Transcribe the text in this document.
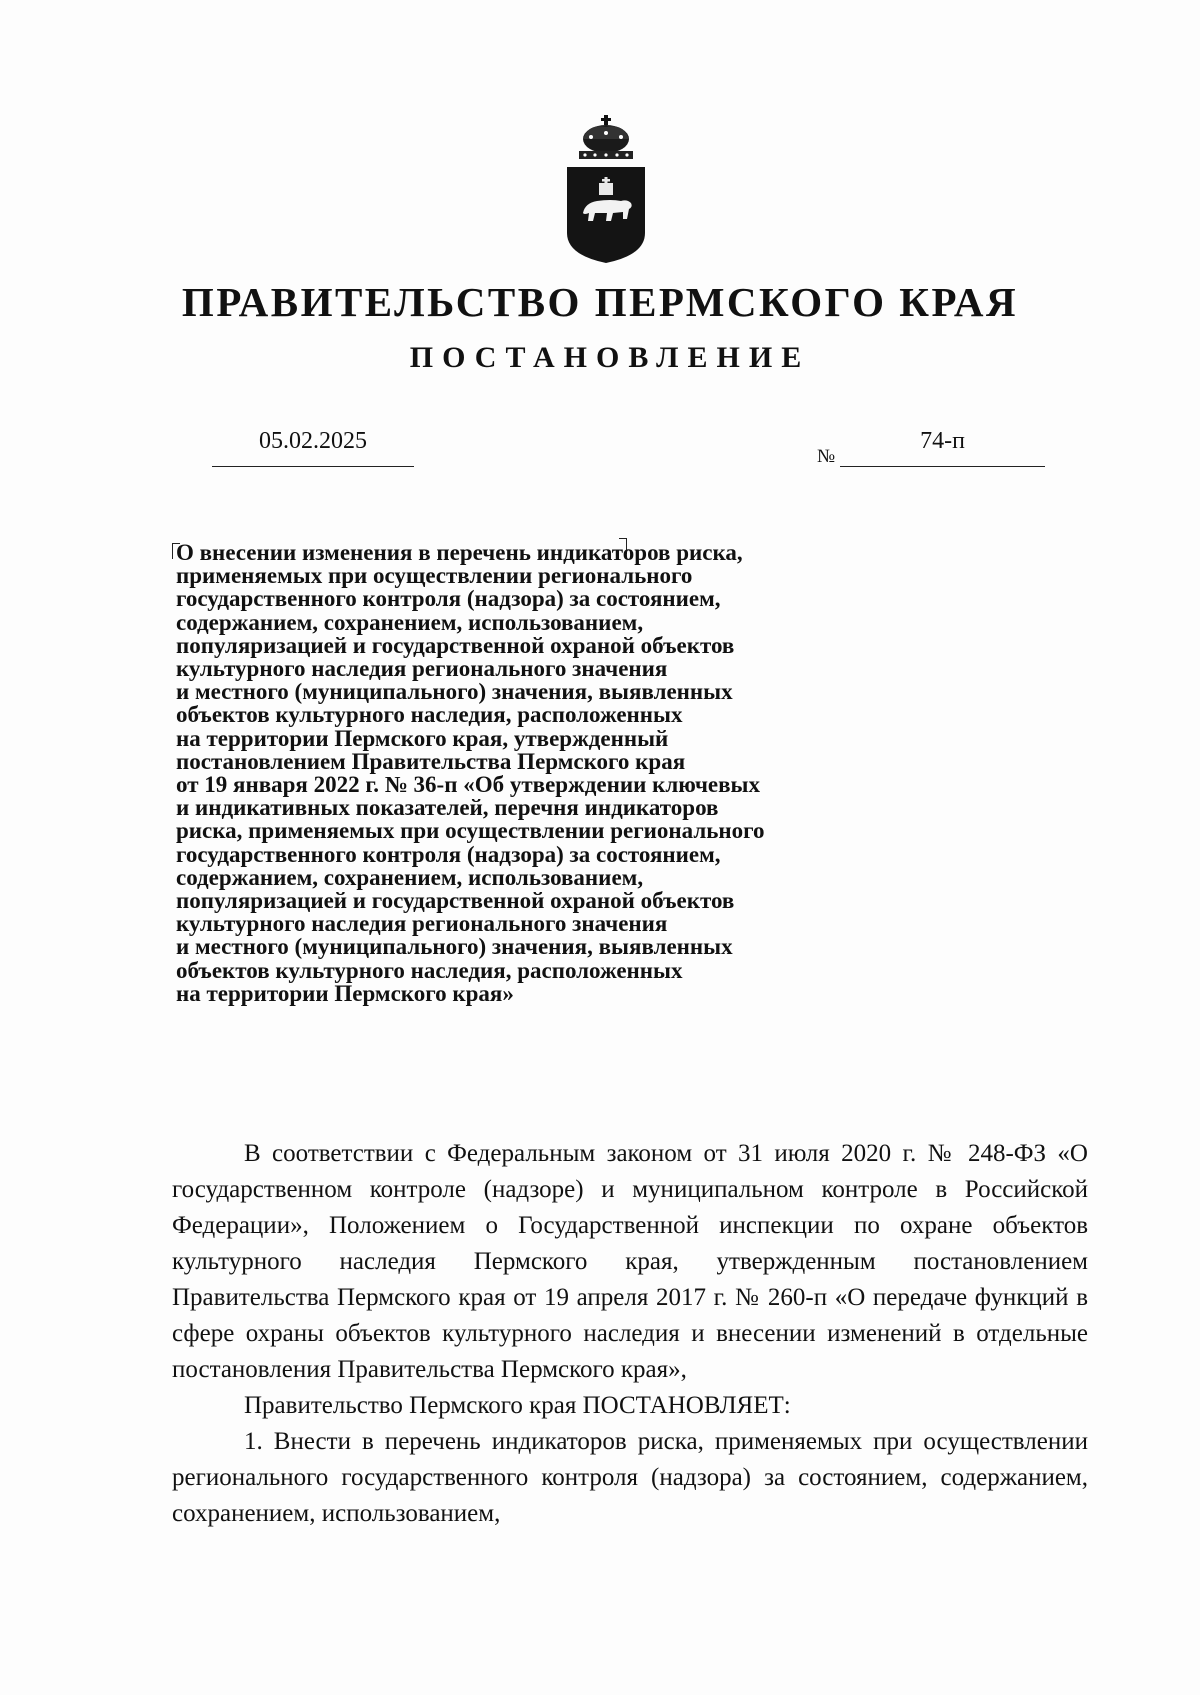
ПРАВИТЕЛЬСТВО ПЕРМСКОГО КРАЯ
ПОСТАНОВЛЕНИЕ
05.02.2025
№
74-п
О внесении изменения в перечень индикаторов риска,
применяемых при осуществлении регионального
государственного контроля (надзора) за состоянием,
содержанием, сохранением, использованием,
популяризацией и государственной охраной объектов
культурного наследия регионального значения
и местного (муниципального) значения, выявленных
объектов культурного наследия, расположенных
на территории Пермского края, утвержденный
постановлением Правительства Пермского края
от 19 января 2022 г. № 36-п «Об утверждении ключевых
и индикативных показателей, перечня индикаторов
риска, применяемых при осуществлении регионального
государственного контроля (надзора) за состоянием,
содержанием, сохранением, использованием,
популяризацией и государственной охраной объектов
культурного наследия регионального значения
и местного (муниципального) значения, выявленных
объектов культурного наследия, расположенных
на территории Пермского края»

В соответствии с Федеральным законом от 31 июля 2020 г. № 248-ФЗ «О государственном контроле (надзоре) и муниципальном контроле в Российской Федерации», Положением о Государственной инспекции по охране объектов культурного наследия Пермского края, утвержденным постановлением Правительства Пермского края от 19 апреля 2017 г. № 260-п «О передаче функций в сфере охраны объектов культурного наследия и внесении изменений в отдельные постановления Правительства Пермского края»,

Правительство Пермского края ПОСТАНОВЛЯЕТ:

1. Внести в перечень индикаторов риска, применяемых при осуществлении регионального государственного контроля (надзора) за состоянием, содержанием, сохранением, использованием,
